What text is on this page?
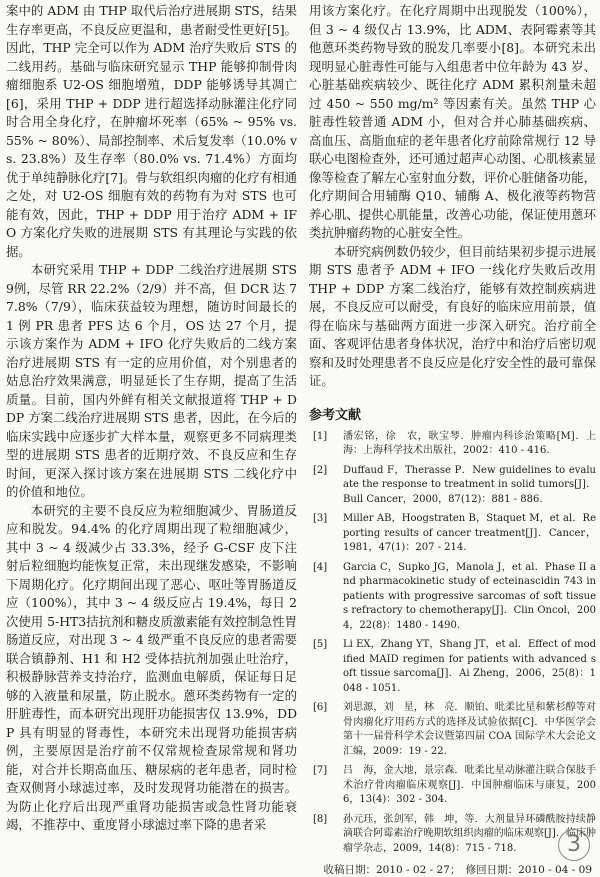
案中的 ADM 由 THP 取代后治疗进展期 STS，结果生存率更高，不良反应更温和，患者耐受性更好[5]。因此，THP 完全可以作为 ADM 治疗失败后 STS 的二线用药。基础与临床研究显示 THP 能够抑制骨肉瘤细胞系 U2-OS 细胞增殖，DDP 能够诱导其凋亡[6]，采用 THP + DDP 进行超选择动脉灌注化疗同时合用全身化疗，在肿瘤坏死率（65% ~ 95% vs. 55% ~ 80%）、局部控制率、术后复发率（10.0% vs. 23.8%）及生存率（80.0% vs. 71.4%）方面均优于单纯静脉化疗[7]。骨与软组织肉瘤的化疗有相通之处，对 U2-OS 细胞有效的药物有为对 STS 也可能有效，因此，THP + DDP 用于治疗 ADM + IFO 方案化疗失败的进展期 STS 有其理论与实践的依据。

本研究采用 THP + DDP 二线治疗进展期 STS 9例，尽管 RR 22.2%（2/9）并不高，但 DCR 达 77.8%（7/9），临床获益较为理想，随访时间最长的 1 例 PR 患者 PFS 达 6 个月，OS 达 27 个月，提示该方案作为 ADM + IFO 化疗失败后的二线方案治疗进展期 STS 有一定的应用价值，对个别患者的姑息治疗效果满意，明显延长了生存期，提高了生活质量。目前，国内外鲜有相关文献报道将 THP + DDP 方案二线治疗进展期 STS 患者，因此，在今后的临床实践中应逐步扩大样本量，观察更多不同病理类型的进展期 STS 患者的近期疗效、不良反应和生存时间，更深入探讨该方案在进展期 STS 二线化疗中的价值和地位。

本研究的主要不良反应为粒细胞减少、胃肠道反应和脱发。94.4% 的化疗周期出现了粒细胞减少，其中 3 ~ 4 级减少占 33.3%，经予 G-CSF 皮下注射后粒细胞均能恢复正常，未出现继发感染，不影响下周期化疗。化疗期间出现了恶心、呕吐等胃肠道反应（100%），其中 3 ~ 4 级反应占 19.4%，每日 2 次使用 5-HT3拮抗剂和糖皮质激素能有效控制急性胃肠道反应，对出现 3 ~ 4 级严重不良反应的患者需要联合镇静剂、H1 和 H2 受体拮抗剂加强止吐治疗，积极静脉营养支持治疗，监测血电解质，保证每日足够的入液量和尿量，防止脱水。蒽环类药物有一定的肝脏毒性，而本研究出现肝功能损害仅 13.9%，DDP 具有明显的肾毒性，本研究未出现肾功能损害病例，主要原因是治疗前不仅常规检查尿常规和肾功能，对合并长期高血压、糖尿病的老年患者，同时检查双侧肾小球滤过率，及时发现肾功能潜在的损害。为防止化疗后出现严重肾功能损害或急性肾功能衰竭，不推荐中、重度肾小球滤过率下降的患者采

用该方案化疗。在化疗周期中出现脱发（100%），但 3 ~ 4 级仅占 13.9%，比 ADM、表阿霉素等其他蒽环类药物导致的脱发几率要小[8]。本研究未出现明显心脏毒性可能与入组患者中位年龄为 43 岁、心脏基础疾病较少、既往化疗 ADM 累积剂量未超过 450 ~ 550 mg/m² 等因素有关。虽然 THP 心脏毒性较普通 ADM 小，但对合并心肺基础疾病、高血压、高脂血症的老年患者化疗前除常规行 12 导联心电图检查外，还可通过超声心动图、心肌核素显像等检查了解左心室射血分数，评价心脏储备功能，化疗期间合用辅酶 Q10、辅酶 A、极化液等药物营养心肌、提供心肌能量，改善心功能，保证使用蒽环类抗肿瘤药物的心脏安全性。

本研究病例数仍较少，但目前结果初步提示进展期 STS 患者予 ADM + IFO 一线化疗失败后改用 THP + DDP 方案二线治疗，能够有效控制疾病进展，不良反应可以耐受，有良好的临床应用前景，值得在临床与基础两方面进一步深入研究。治疗前全面、客观评估患者身体状况，治疗中和治疗后密切观察和及时处理患者不良反应是化疗安全性的最可靠保证。

参考文献
[1]	潘宏铭，徐　农，耿宝琴．肿瘤内科诊治策略[M]．上海：上海科学技术出版社，2002：410 - 416.
[2]	Duffaud F，Therasse P．New guidelines to evaluate the response to treatment in solid tumors[J]．Bull Cancer，2000，87(12)：881 - 886.
[3]	Miller AB，Hoogstraten B，Staquet M，et al．Reporting results of cancer treatment[J]．Cancer，1981，47(1)：207 - 214.
[4]	Garcia C，Supko JG，Manola J，et al．Phase II and pharmacokinetic study of ecteinascidin 743 in patients with progressive sarcomas of soft tissues refractory to chemotherapy[J]．Clin Oncol，2004，22(8)：1480 - 1490.
[5]	Li EX，Zhang YT，Shang JT，et al．Effect of modified MAID regimen for patients with advanced soft tissue sarcoma[J]．Ai Zheng，2006，25(8)：1048 - 1051.
[6]	刘思源，刘　星，林　亮．顺铂、吡柔比星和紫杉醇等对骨肉瘤化疗用药方式的选择及试验依据[C]．中华医学会第十一届骨科学术会议暨第四届 COA 国际学术大会论文汇编，2009：19 - 22.
[7]	吕　海，金大地，景宗森．吡柔比星动脉灌注联合保肢手术治疗骨肉瘤临床观察[J]．中国肿瘤临床与康复，2006，13(4)：302 - 304.
[8]	孙元珏，张剑军，韩　坤，等．大剂量异环磷酰胺持续静滴联合阿霉素治疗晚期软组织肉瘤的临床观察[J]．临床肿瘤学杂志，2009，14(8)：715 - 718.
收稿日期：2010 - 02 - 27；　修回日期：2010 - 04 - 09
3
